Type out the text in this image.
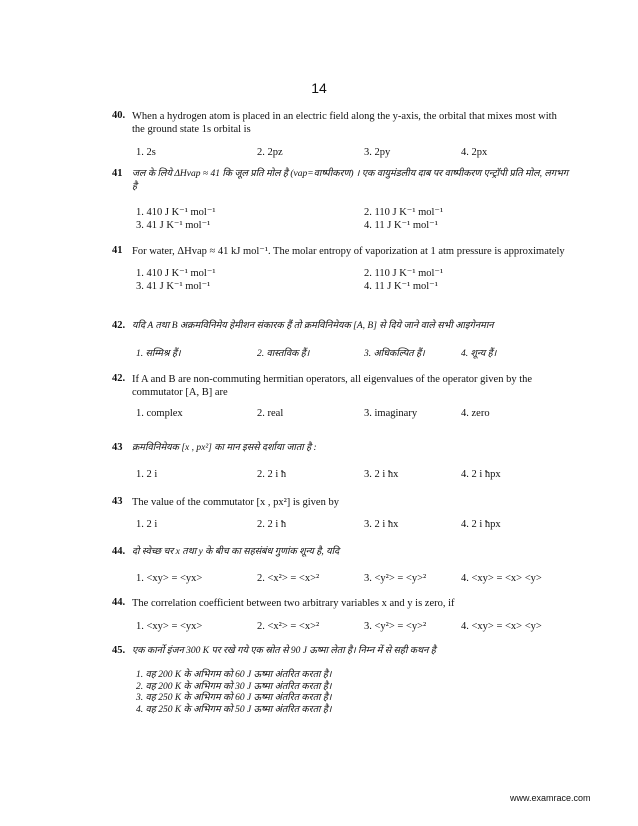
14
40. When a hydrogen atom is placed in an electric field along the y-axis, the orbital that mixes most with the ground state 1s orbital is
1. 2s	2. 2pz	3. 2py	4. 2px
41 जल के लिये ΔHvap ≈ 41 कि जूल प्रति मोल है (vap=वाष्पीकरण) । एक वायुमंडलीय दाब पर वाष्पीकरण एन्ट्रॉपी प्रति मोल, लगभग है
1. 410 J K⁻¹ mol⁻¹	2. 110 J K⁻¹ mol⁻¹
3. 41 J K⁻¹ mol⁻¹	4. 11 J K⁻¹ mol⁻¹
41 For water, ΔHvap ≈ 41 kJ mol⁻¹. The molar entropy of vaporization at 1 atm pressure is approximately
1. 410 J K⁻¹ mol⁻¹	2. 110 J K⁻¹ mol⁻¹
3. 41 J K⁻¹ mol⁻¹	4. 11 J K⁻¹ mol⁻¹
42. यदि A तथा B अक्रमविनिमेय हेमीशन संकारक हैं तो क्रमविनिमेयक [A, B] से दिये जाने वाले सभी आइगेनमान
1. सम्मिश्र हैं।	2. वास्तविक हैं।	3. अधिकल्पित हैं।	4. शून्य हैं।
42. If A and B are non-commuting hermitian operators, all eigenvalues of the operator given by the commutator [A, B] are
1. complex	2. real	3. imaginary	4. zero
43 क्रमविनिमेयक [x , px²] का मान इससे दर्शाया जाता है :
1. 2 i	2. 2 i ħ	3. 2 i ħx	4. 2 i ħpx
43 The value of the commutator [x , px²] is given by
1. 2 i	2. 2 i ħ	3. 2 i ħx	4. 2 i ħpx
44. दो स्वेच्छ चर x तथा y के बीच का सहसंबंध गुणांक शून्य है, यदि
1. <xy> = <yx>	2. <x²> = <x>²	3. <y²> = <y>²	4. <xy> = <x> <y>
44. The correlation coefficient between two arbitrary variables x and y is zero, if
1. <xy> = <yx>	2. <x²> = <x>²	3. <y²> = <y>²	4. <xy> = <x> <y>
45. एक कार्नो इंजन 300 K पर रखे गये एक स्रोत से 90 J ऊष्मा लेता है। निम्न में से सही कथन है
1. वह 200 K के अभिगम को 60 J ऊष्मा अंतरित करता है।
2. वह 200 K के अभिगम को 30 J ऊष्मा अंतरित करता है।
3. वह 250 K के अभिगम को 60 J ऊष्मा अंतरित करता है।
4. वह 250 K के अभिगम को 50 J ऊष्मा अंतरित करता है।
www.examrace.com
